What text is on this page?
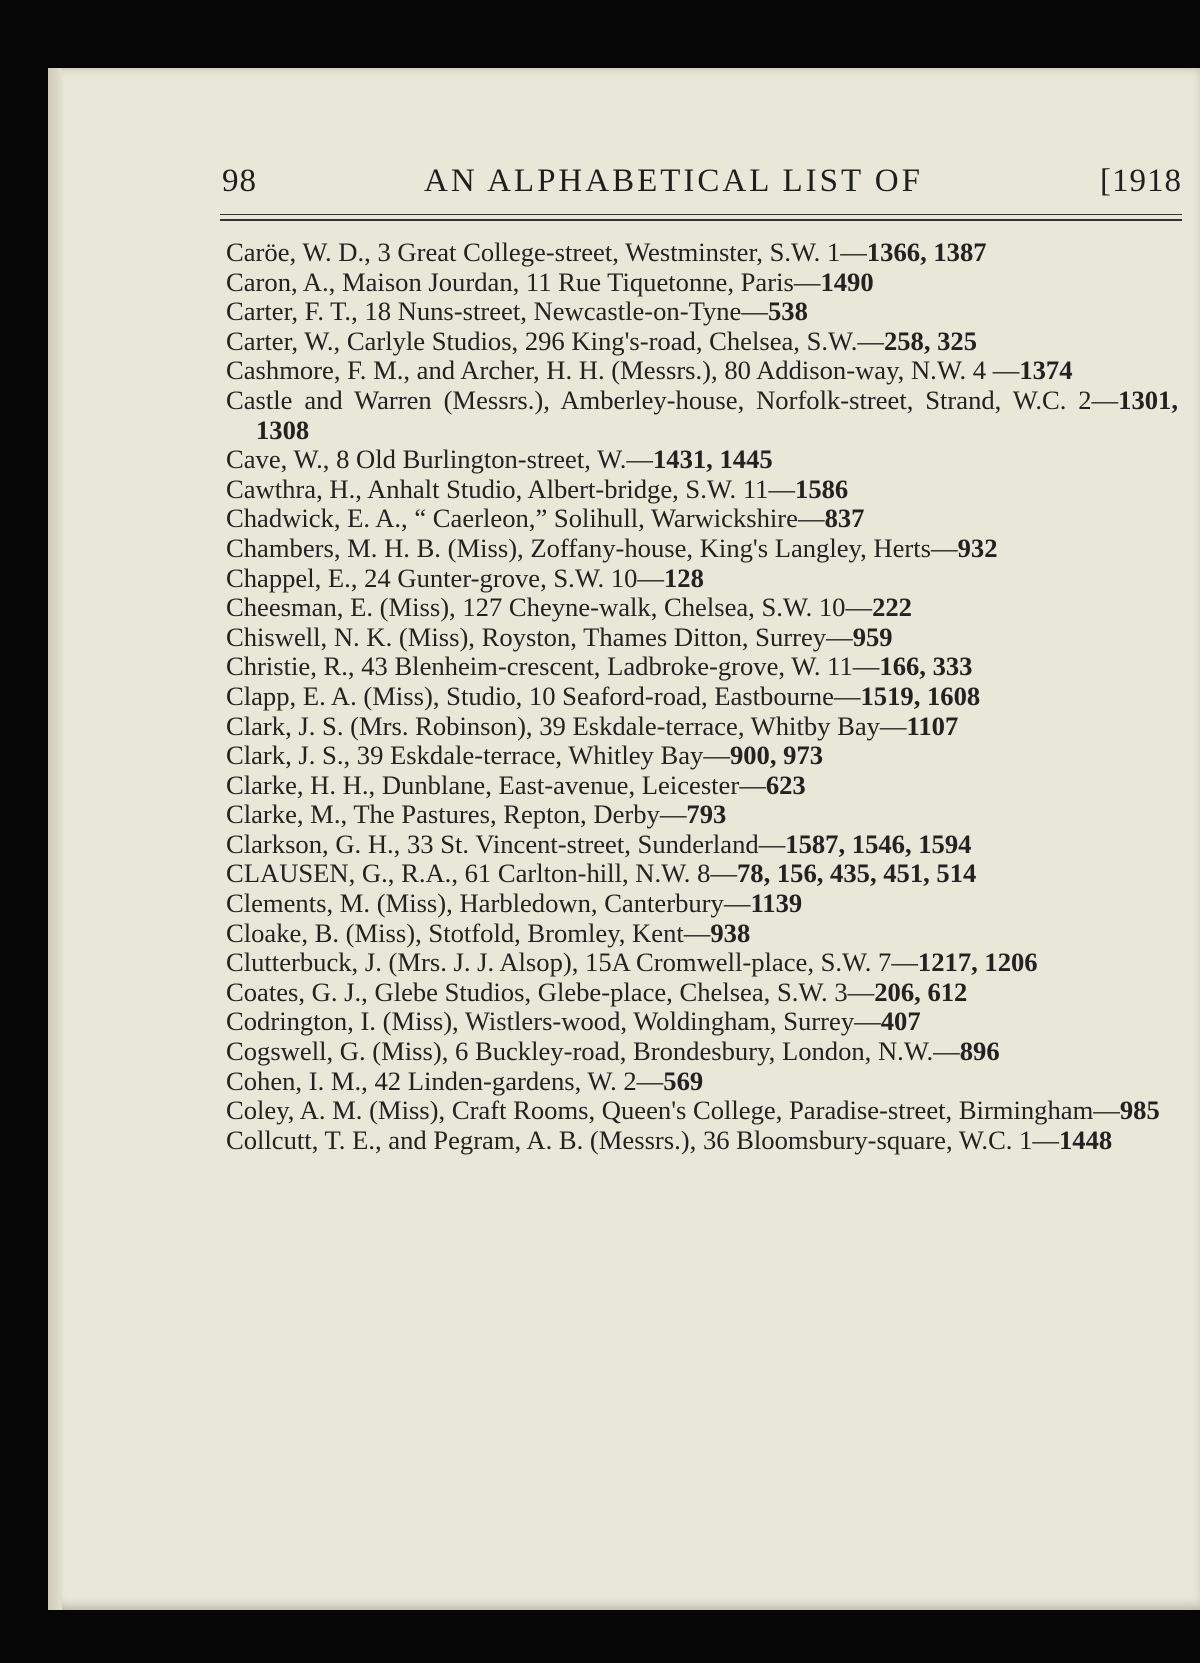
98	AN ALPHABETICAL LIST OF	[1918
Caröe, W. D., 3 Great College-street, Westminster, S.W. 1—1366, 1387
Caron, A., Maison Jourdan, 11 Rue Tiquetonne, Paris—1490
Carter, F. T., 18 Nuns-street, Newcastle-on-Tyne—538
Carter, W., Carlyle Studios, 296 King's-road, Chelsea, S.W.—258, 325
Cashmore, F. M., and Archer, H. H. (Messrs.), 80 Addison-way, N.W. 4 —1374
Castle and Warren (Messrs.), Amberley-house, Norfolk-street, Strand, W.C. 2—1301, 1308
Cave, W., 8 Old Burlington-street, W.—1431, 1445
Cawthra, H., Anhalt Studio, Albert-bridge, S.W. 11—1586
Chadwick, E. A., “ Caerleon,” Solihull, Warwickshire—837
Chambers, M. H. B. (Miss), Zoffany-house, King's Langley, Herts—932
Chappel, E., 24 Gunter-grove, S.W. 10—128
Cheesman, E. (Miss), 127 Cheyne-walk, Chelsea, S.W. 10—222
Chiswell, N. K. (Miss), Royston, Thames Ditton, Surrey—959
Christie, R., 43 Blenheim-crescent, Ladbroke-grove, W. 11—166, 333
Clapp, E. A. (Miss), Studio, 10 Seaford-road, Eastbourne—1519, 1608
Clark, J. S. (Mrs. Robinson), 39 Eskdale-terrace, Whitby Bay—1107
Clark, J. S., 39 Eskdale-terrace, Whitley Bay—900, 973
Clarke, H. H., Dunblane, East-avenue, Leicester—623
Clarke, M., The Pastures, Repton, Derby—793
Clarkson, G. H., 33 St. Vincent-street, Sunderland—1587, 1546, 1594
CLAUSEN, G., R.A., 61 Carlton-hill, N.W. 8—78, 156, 435, 451, 514
Clements, M. (Miss), Harbledown, Canterbury—1139
Cloake, B. (Miss), Stotfold, Bromley, Kent—938
Clutterbuck, J. (Mrs. J. J. Alsop), 15A Cromwell-place, S.W. 7—1217, 1206
Coates, G. J., Glebe Studios, Glebe-place, Chelsea, S.W. 3—206, 612
Codrington, I. (Miss), Wistlers-wood, Woldingham, Surrey—407
Cogswell, G. (Miss), 6 Buckley-road, Brondesbury, London, N.W.—896
Cohen, I. M., 42 Linden-gardens, W. 2—569
Coley, A. M. (Miss), Craft Rooms, Queen's College, Paradise-street, Birmingham—985
Collcutt, T. E., and Pegram, A. B. (Messrs.), 36 Bloomsbury-square, W.C. 1—1448
